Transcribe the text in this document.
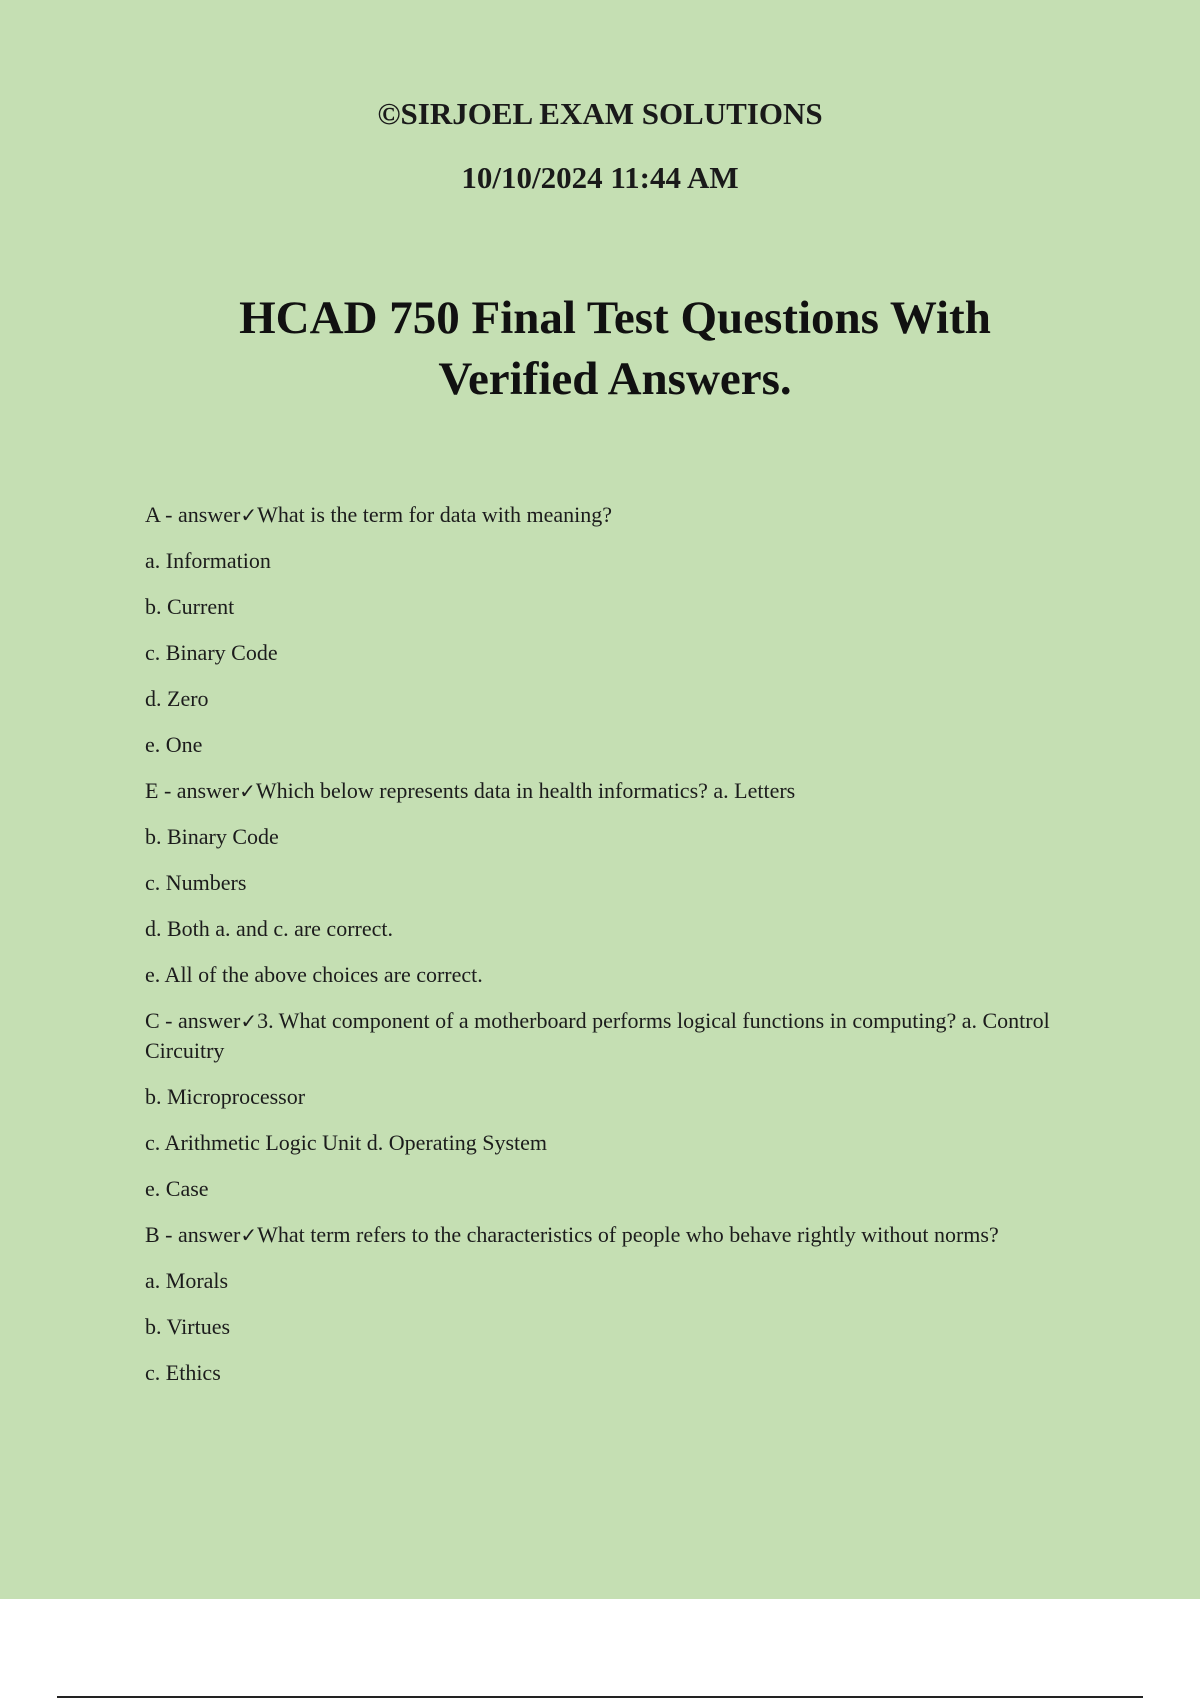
©SIRJOEL EXAM SOLUTIONS
10/10/2024 11:44 AM
HCAD 750 Final Test Questions With
Verified Answers.
A - answer✓What is the term for data with meaning?
a. Information
b. Current
c. Binary Code
d. Zero
e. One
E - answer✓Which below represents data in health informatics? a. Letters
b. Binary Code
c. Numbers
d. Both a. and c. are correct.
e. All of the above choices are correct.
C - answer✓3. What component of a motherboard performs logical functions in computing? a. Control Circuitry
b. Microprocessor
c. Arithmetic Logic Unit d. Operating System
e. Case
B - answer✓What term refers to the characteristics of people who behave rightly without norms?
a. Morals
b. Virtues
c. Ethics
